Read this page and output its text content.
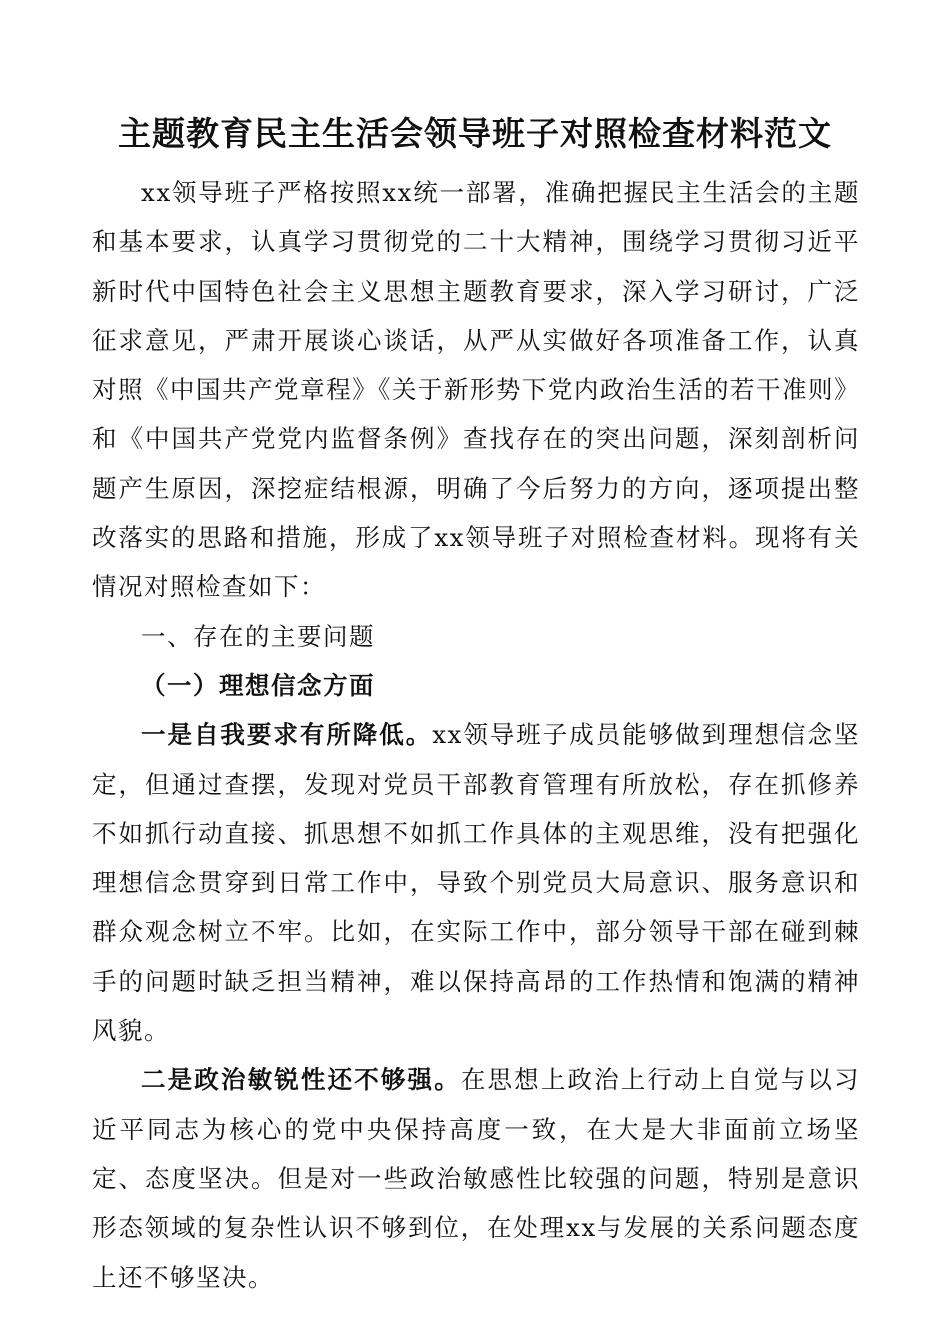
主题教育民主生活会领导班子对照检查材料范文

xx领导班子严格按照xx统一部署，准确把握民主生活会的主题和基本要求，认真学习贯彻党的二十大精神，围绕学习贯彻习近平新时代中国特色社会主义思想主题教育要求，深入学习研讨，广泛征求意见，严肃开展谈心谈话，从严从实做好各项准备工作，认真对照《中国共产党章程》《关于新形势下党内政治生活的若干准则》和《中国共产党党内监督条例》查找存在的突出问题，深刻剖析问题产生原因，深挖症结根源，明确了今后努力的方向，逐项提出整改落实的思路和措施，形成了xx领导班子对照检查材料。现将有关情况对照检查如下：

一、存在的主要问题

（一）理想信念方面

一是自我要求有所降低。xx领导班子成员能够做到理想信念坚定，但通过查摆，发现对党员干部教育管理有所放松，存在抓修养不如抓行动直接、抓思想不如抓工作具体的主观思维，没有把强化理想信念贯穿到日常工作中，导致个别党员大局意识、服务意识和群众观念树立不牢。比如，在实际工作中，部分领导干部在碰到棘手的问题时缺乏担当精神，难以保持高昂的工作热情和饱满的精神风貌。

二是政治敏锐性还不够强。在思想上政治上行动上自觉与以习近平同志为核心的党中央保持高度一致，在大是大非面前立场坚定、态度坚决。但是对一些政治敏感性比较强的问题，特别是意识形态领域的复杂性认识不够到位，在处理xx与发展的关系问题态度上还不够坚决。
